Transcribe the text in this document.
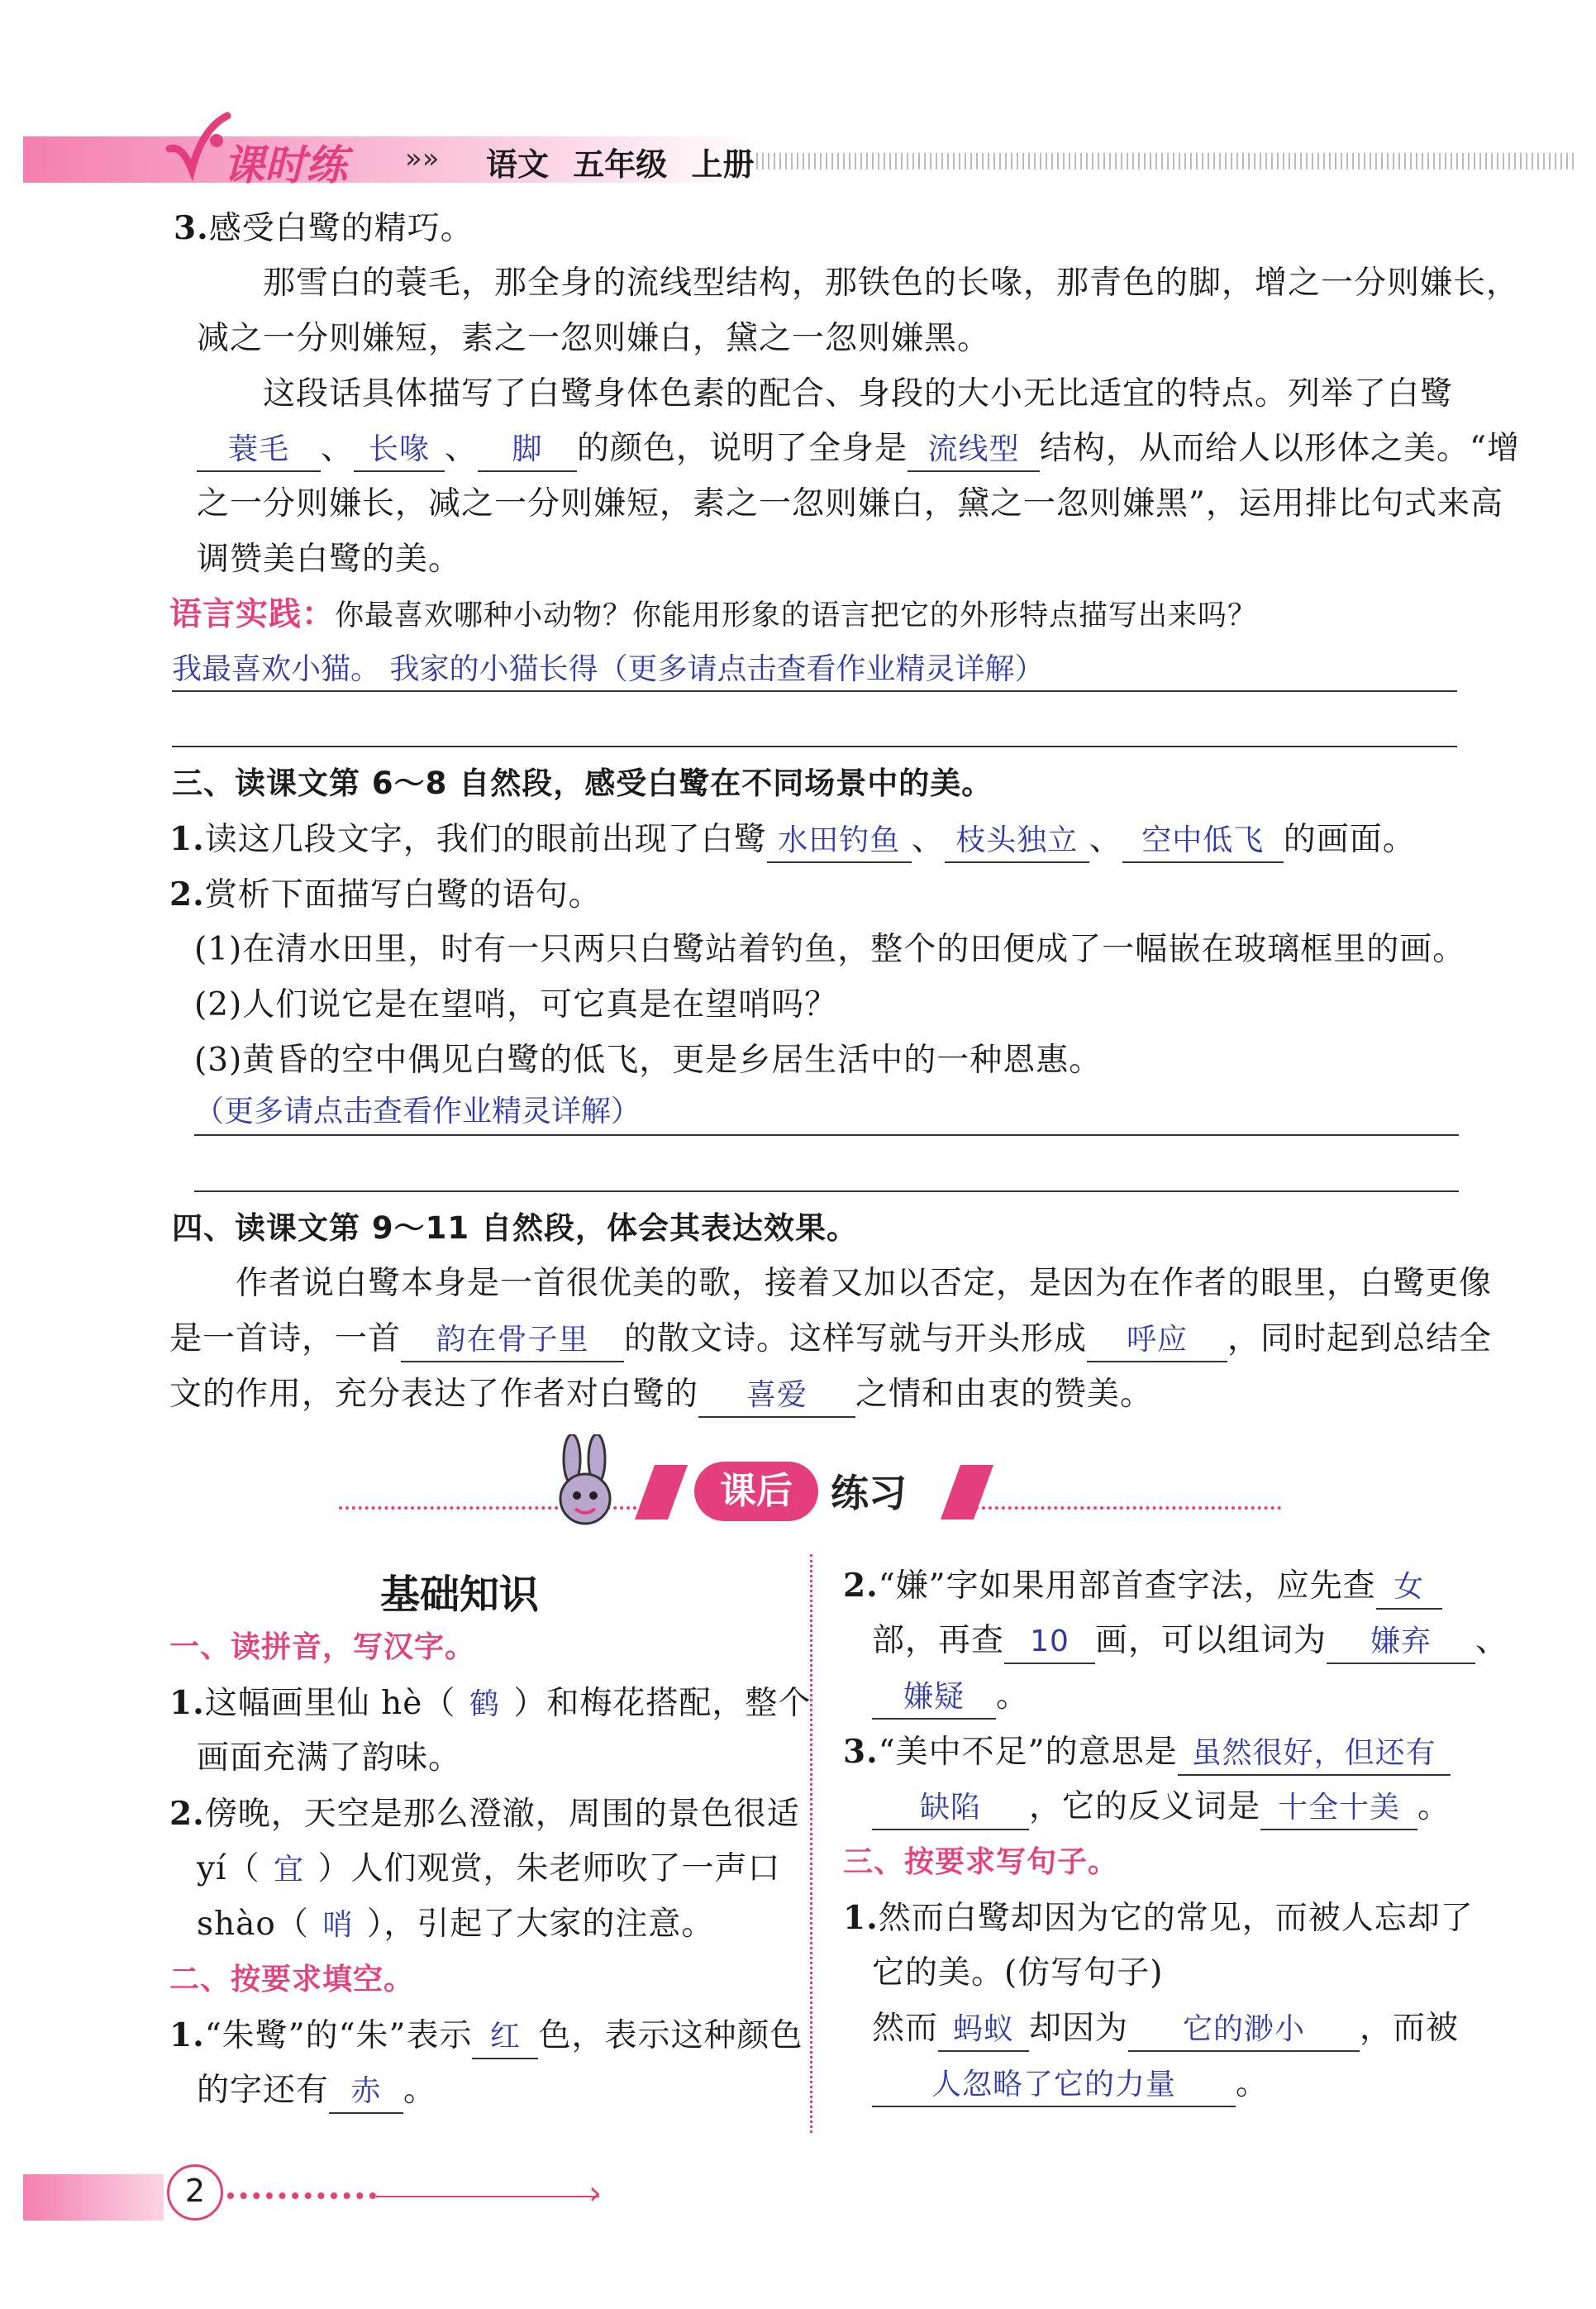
课时练 »» 语文 五年级 上册
3.感受白鹭的精巧。
那雪白的蓑毛，那全身的流线型结构，那铁色的长喙，那青色的脚，增之一分则嫌长，
减之一分则嫌短，素之一忽则嫌白，黛之一忽则嫌黑。
这段话具体描写了白鹭身体色素的配合、身段的大小无比适宜的特点。列举了白鹭
蓑毛 、 长喙 、 脚 的颜色，说明了全身是 流线型 结构，从而给人以形体之美。“增
之一分则嫌长，减之一分则嫌短，素之一忽则嫌白，黛之一忽则嫌黑”，运用排比句式来高
调赞美白鹭的美。
语言实践：你最喜欢哪种小动物？你能用形象的语言把它的外形特点描写出来吗？
我最喜欢小猫。 我家的小猫长得（更多请点击查看作业精灵详解）
三、读课文第 6～8 自然段，感受白鹭在不同场景中的美。
1.读这几段文字，我们的眼前出现了白鹭 水田钓鱼 、 枝头独立 、 空中低飞 的画面。
2.赏析下面描写白鹭的语句。
(1)在清水田里，时有一只两只白鹭站着钓鱼，整个的田便成了一幅嵌在玻璃框里的画。
(2)人们说它是在望哨，可它真是在望哨吗？
(3)黄昏的空中偶见白鹭的低飞，更是乡居生活中的一种恩惠。
（更多请点击查看作业精灵详解）
四、读课文第 9～11 自然段，体会其表达效果。
作者说白鹭本身是一首很优美的歌，接着又加以否定，是因为在作者的眼里，白鹭更像
是一首诗，一首 韵在骨子里 的散文诗。这样写就与开头形成 呼应 ，同时起到总结全
文的作用，充分表达了作者对白鹭的 喜爱 之情和由衷的赞美。
课后	练习
基础知识
一、读拼音，写汉字。
1.这幅画里仙 hè（ 鹤 ）和梅花搭配，整个
画面充满了韵味。
2.傍晚，天空是那么澄澈，周围的景色很适
yí（ 宜 ）人们观赏，朱老师吹了一声口
shào（ 哨 ），引起了大家的注意。
二、按要求填空。
1.“朱鹭”的“朱”表示 红 色，表示这种颜色
的字还有 赤 。
2.“嫌”字如果用部首查字法，应先查 女
部，再查 10 画，可以组词为 嫌弃 、
嫌疑 。
3.“美中不足”的意思是 虽然很好，但还有
缺陷 ，它的反义词是 十全十美 。
三、按要求写句子。
1.然而白鹭却因为它的常见，而被人忘却了
它的美。(仿写句子)
然而 蚂蚁 却因为 它的渺小 ，而被
人忽略了它的力量 。
2	›
